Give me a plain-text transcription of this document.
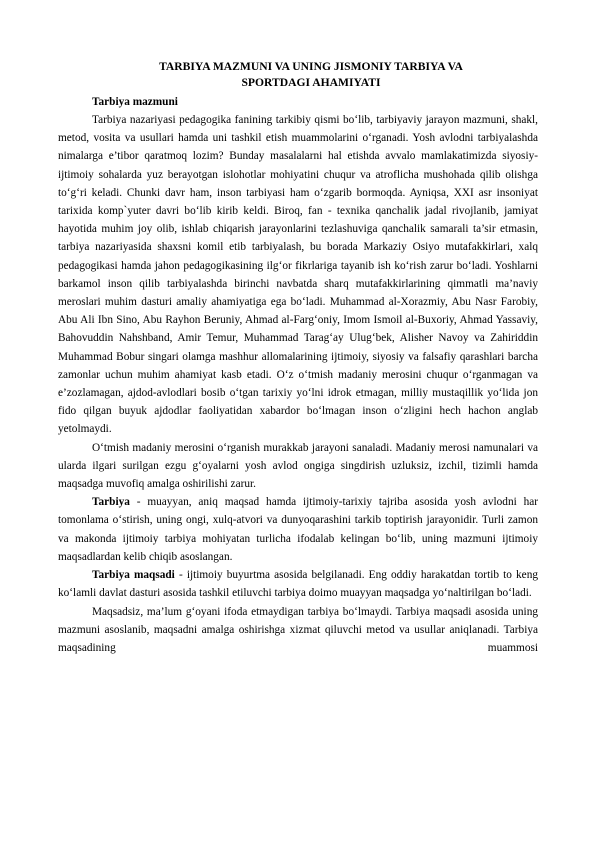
TARBIYA MAZMUNI VA UNING JISMONIY TARBIYA VA
SPORTDAGI AHAMIYATI

Tarbiya mazmuni

Tarbiya nazariyasi pedagogika fanining tarkibiy qismi bo‘lib, tarbiyaviy jarayon mazmuni, shakl, metod, vosita va usullari hamda uni tashkil etish muammolarini o‘rganadi. Yosh avlodni tarbiyalashda nimalarga e’tibor qaratmoq lozim? Bunday masalalarni hal etishda avvalo mamlakatimizda siyosiy-ijtimoiy sohalarda yuz berayotgan islohotlar mohiyatini chuqur va atroflicha mushohada qilib olishga to‘g‘ri keladi. Chunki davr ham, inson tarbiyasi ham o‘zgarib bormoqda. Ayniqsa, XXI asr insoniyat tarixida komp`yuter davri bo‘lib kirib keldi. Biroq, fan - texnika qanchalik jadal rivojlanib, jamiyat hayotida muhim joy olib, ishlab chiqarish jarayonlarini tezlashuviga qanchalik samarali ta’sir etmasin, tarbiya nazariyasida shaxsni komil etib tarbiyalash, bu borada Markaziy Osiyo mutafakkirlari, xalq pedagogikasi hamda jahon pedagogikasining ilg‘or fikrlariga tayanib ish ko‘rish zarur bo‘ladi. Yoshlarni barkamol inson qilib tarbiyalashda birinchi navbatda sharq mutafakkirlarining qimmatli ma’naviy meroslari muhim dasturi amaliy ahamiyatiga ega bo‘ladi. Muhammad al-Xorazmiy, Abu Nasr Farobiy, Abu Ali Ibn Sino, Abu Rayhon Beruniy, Ahmad al-Farg‘oniy, Imom Ismoil al-Buxoriy, Ahmad Yassaviy, Bahovuddin Nahshband, Amir Temur, Muhammad Tarag‘ay Ulug‘bek, Alisher Navoy va Zahiriddin Muhammad Bobur singari olamga mashhur allomalarining ijtimoiy, siyosiy va falsafiy qarashlari barcha zamonlar uchun muhim ahamiyat kasb etadi. O‘z o‘tmish madaniy merosini chuqur o‘rganmagan va e’zozlamagan, ajdod-avlodlari bosib o‘tgan tarixiy yo‘lni idrok etmagan, milliy mustaqillik yo‘lida jon fido qilgan buyuk ajdodlar faoliyatidan xabardor bo‘lmagan inson o‘zligini hech hachon anglab yetolmaydi.

O‘tmish madaniy merosini o‘rganish murakkab jarayoni sanaladi. Madaniy merosi namunalari va ularda ilgari surilgan ezgu g‘oyalarni yosh avlod ongiga singdirish uzluksiz, izchil, tizimli hamda maqsadga muvofiq amalga oshirilishi zarur.

Tarbiya - muayyan, aniq maqsad hamda ijtimoiy-tarixiy tajriba asosida yosh avlodni har tomonlama o‘stirish, uning ongi, xulq-atvori va dunyoqarashini tarkib toptirish jarayonidir. Turli zamon va makonda ijtimoiy tarbiya mohiyatan turlicha ifodalab kelingan bo‘lib, uning mazmuni ijtimoiy maqsadlardan kelib chiqib asoslangan.

Tarbiya maqsadi - ijtimoiy buyurtma asosida belgilanadi. Eng oddiy harakatdan tortib to keng ko‘lamli davlat dasturi asosida tashkil etiluvchi tarbiya doimo muayyan maqsadga yo‘naltirilgan bo‘ladi.

Maqsadsiz, ma’lum g‘oyani ifoda etmaydigan tarbiya bo‘lmaydi. Tarbiya maqsadi asosida uning mazmuni asoslanib, maqsadni amalga oshirishga xizmat qiluvchi metod va usullar aniqlanadi. Tarbiya maqsadining muammosi
